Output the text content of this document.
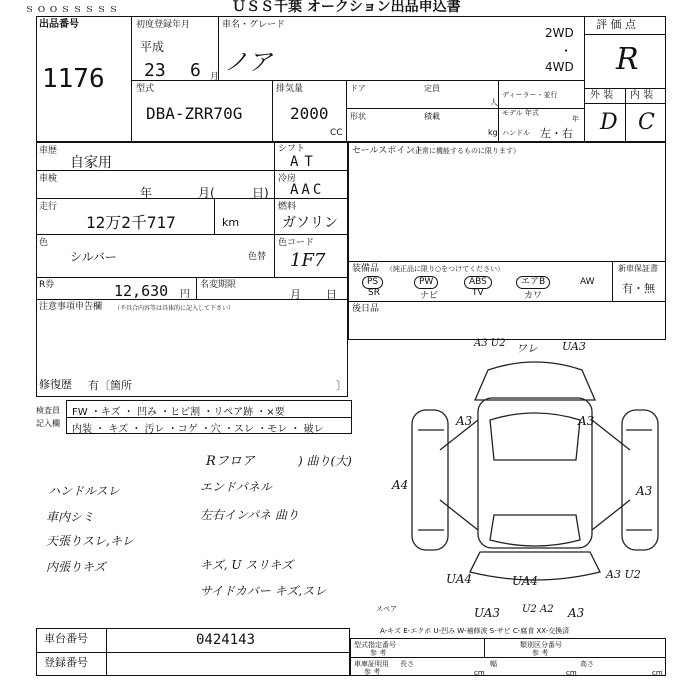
ｓｏｏｓｓｓｓｓ	ＵＳＳ千葉 オークション出品申込書
出品番号
1176
初度登録年月
平成
23 6 月
車名・グレード
ノア
2WD
・
4WD
評 価 点
R
外 装 内 装
D C
型式
DBA-ZRR70G
排気量
2000
CC
ドア	定員
人
ディーラー・並行
形状	積載
kg
モデル 年式
年
ハンドル 左・右
車歴
自家用
車検
年	月(	日)
走行
12万2千717	km
色
シルバー	色替
シフト
AT
冷房
AAC
燃料
ガソリン
色コード
1F7
R券	12,630 円
名変期限
月 日
注意事項申告欄 （不具合内容等は具体的に記入して下さい）
修復歴 有〔箇所	〕
セールスポイント
（正常に機能するものに限ります）
装備品 （純正品に限り○をつけてください）	新車保証書
有・無
PS
SR
PW
ナビ
ABS
TV
エアB
カワ
AW
後日品
検査員
記入欄
FW ・キズ ・ 凹み ・ヒビ割 ・リペア跡 ・×要
内装 ・ キズ ・ 汚レ ・コゲ ・穴 ・スレ ・モレ ・ 破レ
Rフロア	) 曲り(大)
エンドパネル
ハンドルスレ
車内シミ	左右インパネ 曲り
天張りスレ,キレ
内張りキズ	キズ, U スリキズ
サイドカバー キズ,スレ
A3 U2 ワレ UA3
A3
A4
A3
A3
UA4	UA4	A3 U2
UA3 U2 A2 A3
スペア
A-キズ E-エクボ U-凹み W-補修波 S-サビ C-腐食 XX-交換済
車台番号	0424143
登録番号
型式指定番号
参 考
類別区分番号
参 考
車庫証明用
参 考
長さ	幅	高さ
cm	cm	cm
